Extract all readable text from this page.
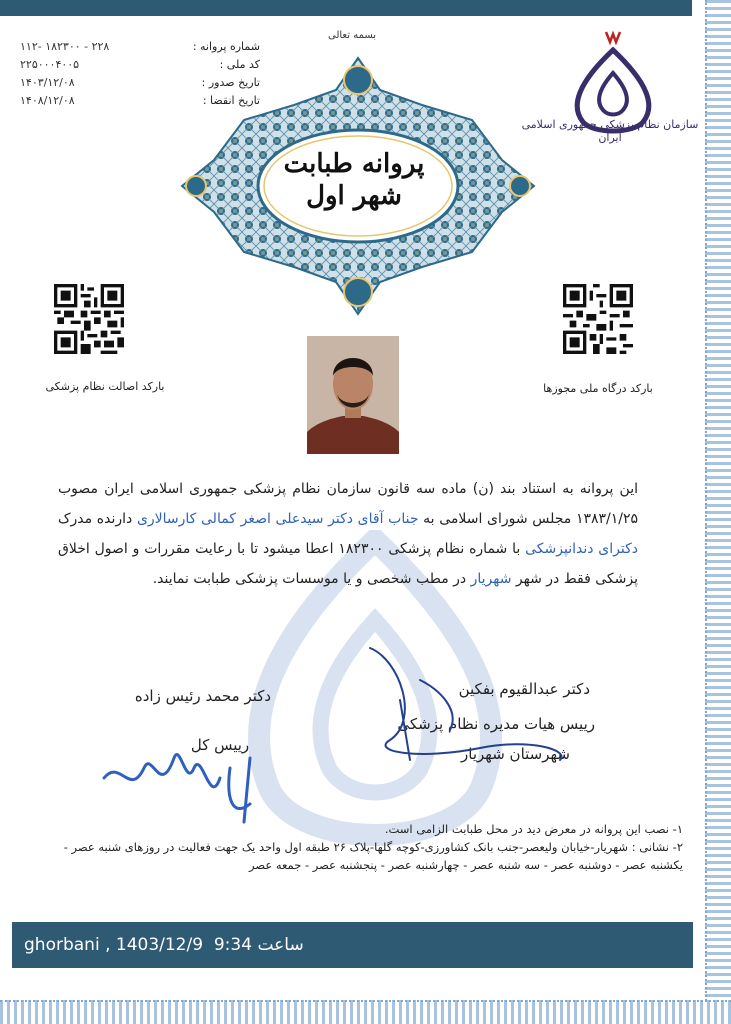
شماره پروانه :
۱۱۲- ۱۸۲۳۰۰ - ۲۲۸
کد ملی :
۲۲۵۰۰۰۴۰۰۵
تاریخ صدور :
۱۴۰۳/۱۲/۰۸
تاریخ انقضا :
۱۴۰۸/۱۲/۰۸
بسمه تعالی
پروانه طبابت
شهر اول
سازمان نظام پزشکی جمهوری اسلامی ایران
بارکد اصالت نظام پزشکی	بارکد درگاه ملی مجوزها
این پروانه به استناد بند (ن) ماده سه قانون سازمان نظام پزشکی جمهوری اسلامی ایران مصوب ۱۳۸۳/۱/۲۵ مجلس شورای اسلامی به جناب آقای دکتر سیدعلی اصغر کمالی کارسالاری دارنده مدرک دکترای دندانپزشکی با شماره نظام پزشکی ۱۸۲۳۰۰ اعطا میشود تا با رعایت مقررات و اصول اخلاق پزشکی فقط در شهر شهریار در مطب شخصی و یا موسسات پزشکی طبابت نمایند.
دکتر محمد رئیس زاده
رییس کل
دکتر عبدالقیوم بفکین
رییس هیات مدیره نظام پزشکی
شهرستان شهریار
۱- نصب این پروانه در معرض دید در محل طبابت الزامی است.
۲- نشانی : شهریار-خیابان ولیعصر-جنب بانک کشاورزی-کوچه گلها-پلاک ۲۶ طبقه اول واحد یک جهت فعالیت در روزهای شنبه عصر - یکشنبه عصر - دوشنبه عصر - سه شنبه عصر - چهارشنبه عصر - پنجشنبه عصر - جمعه عصر
ghorbani , 1403/12/9  9:34 ساعت
